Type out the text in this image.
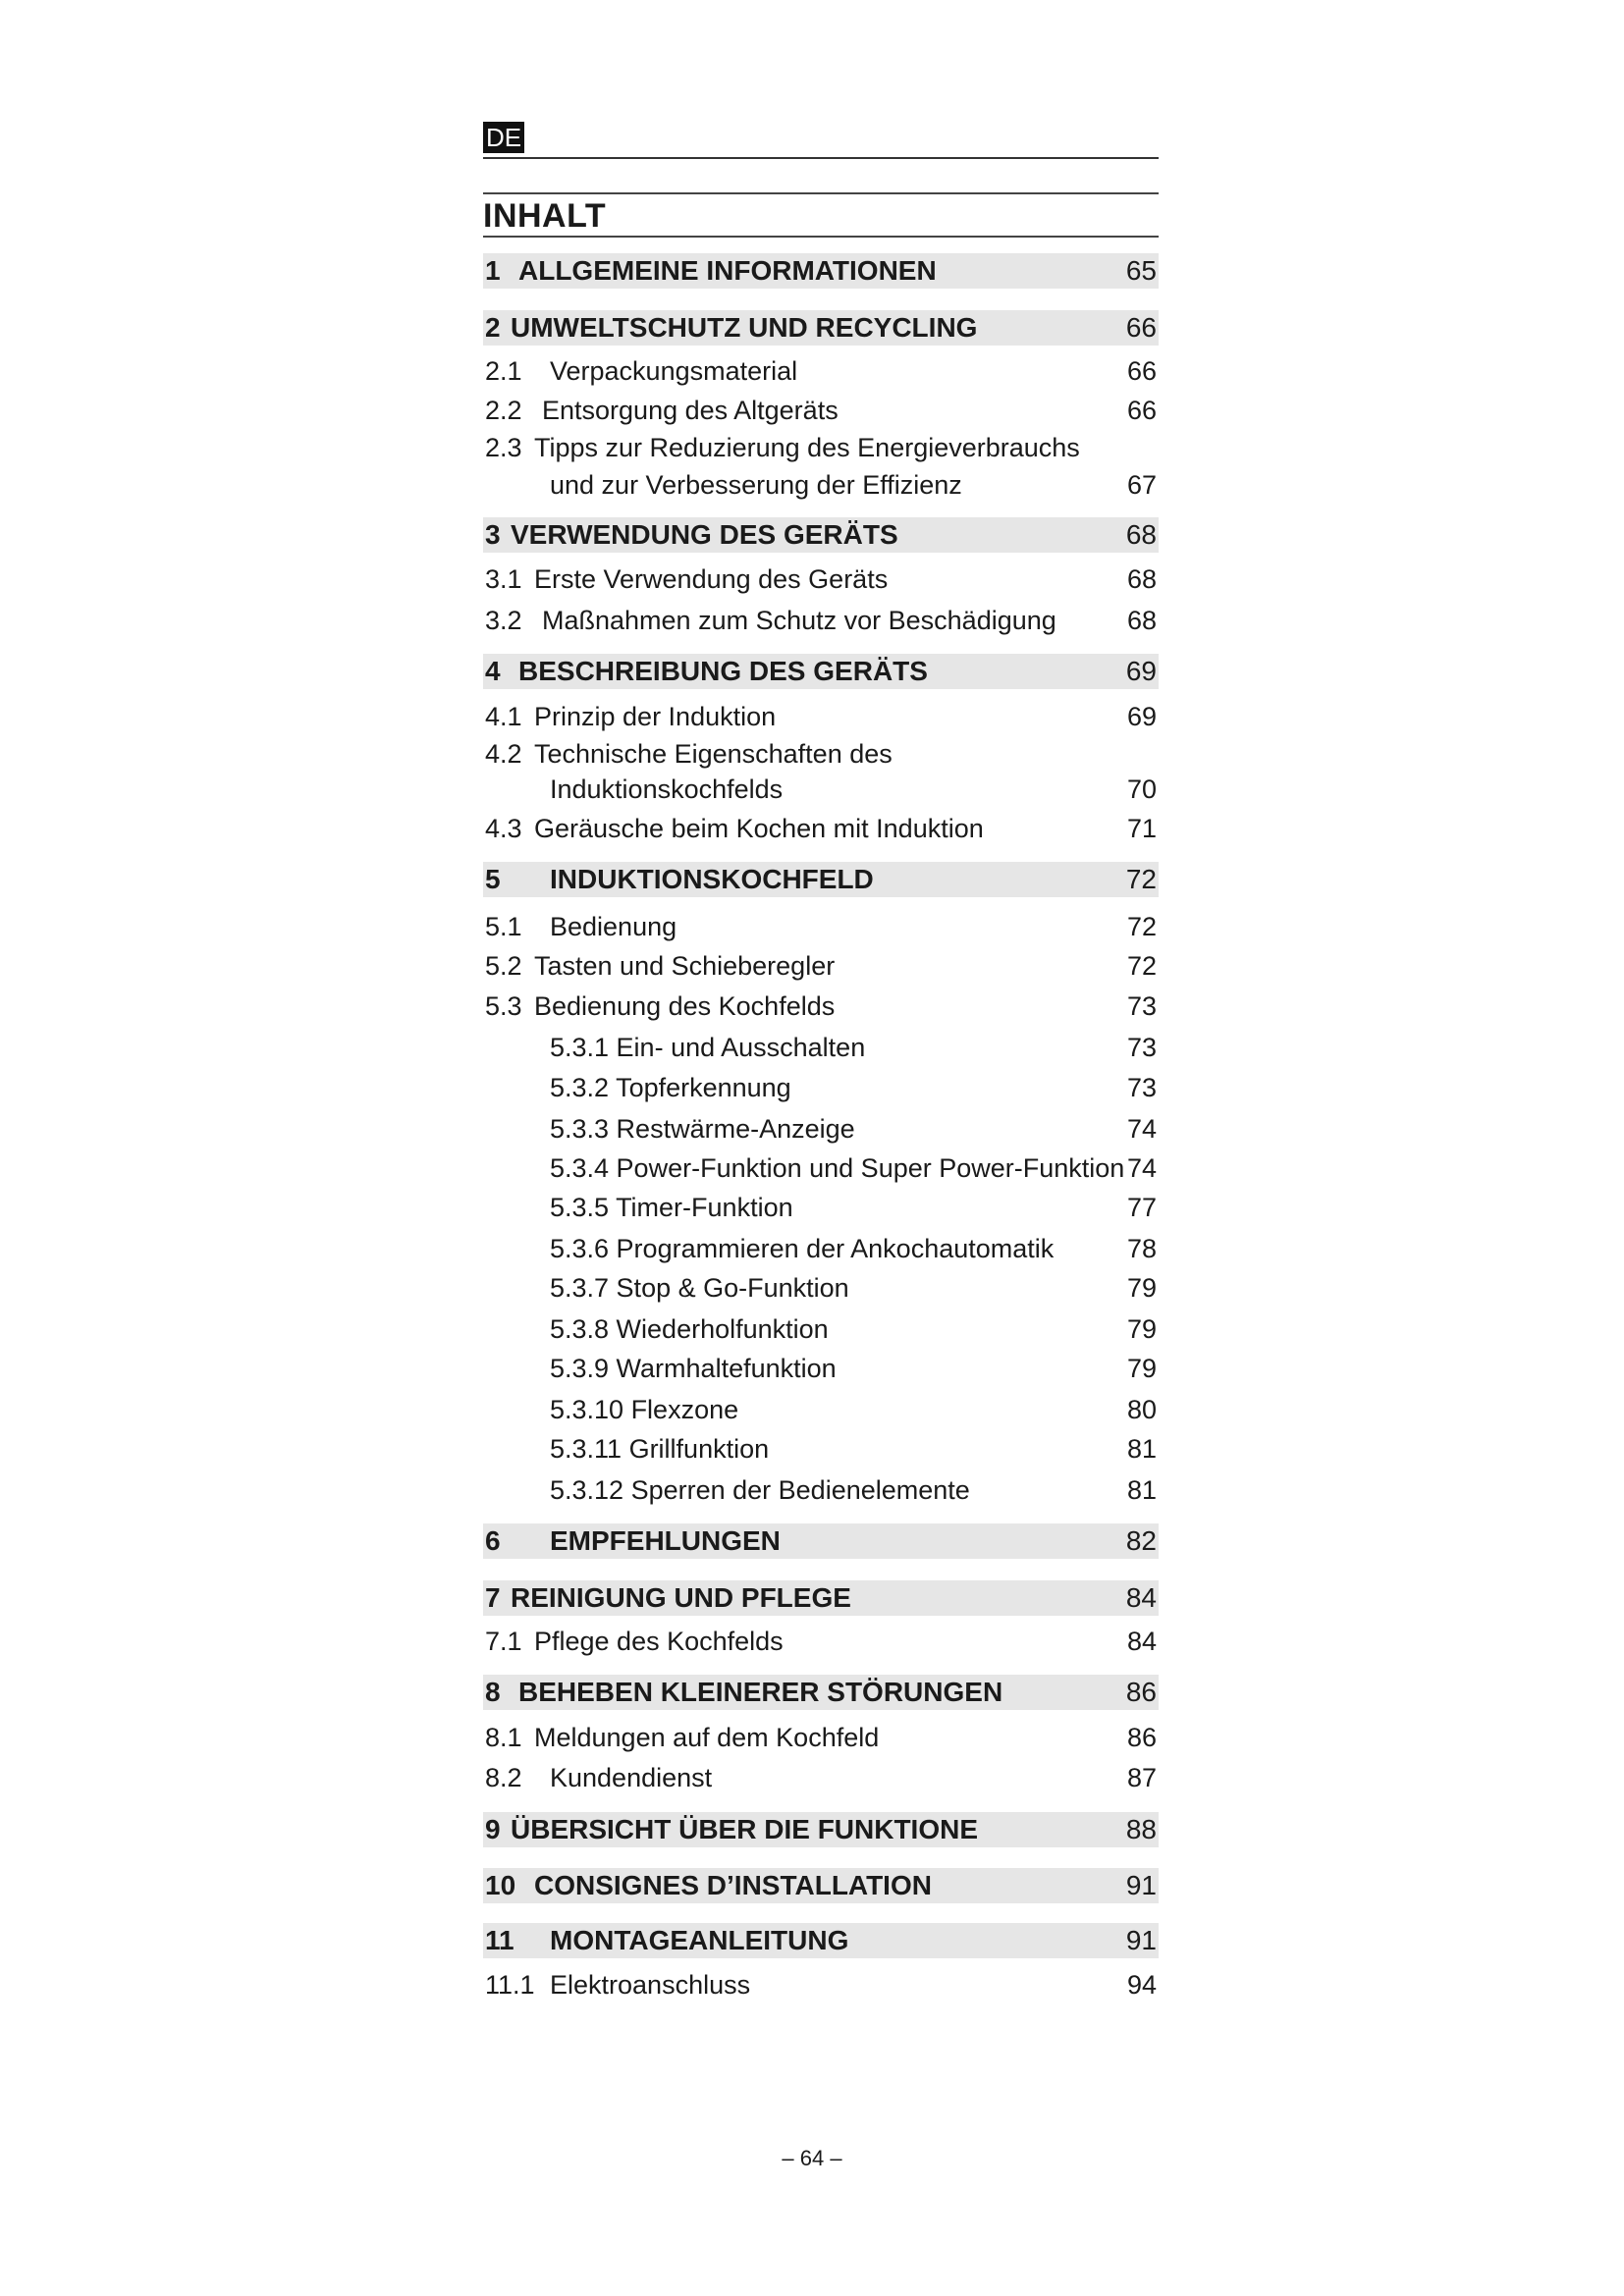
DE
INHALT
1 ALLGEMEINE INFORMATIONEN	65
2 UMWELTSCHUTZ UND RECYCLING	66
2.1 Verpackungsmaterial	66
2.2 Entsorgung des Altgeräts	66
2.3 Tipps zur Reduzierung des Energieverbrauchs
und zur Verbesserung der Effizienz	67
3 VERWENDUNG DES GERÄTS	68
3.1 Erste Verwendung des Geräts	68
3.2 Maßnahmen zum Schutz vor Beschädigung	68
4 BESCHREIBUNG DES GERÄTS	69
4.1 Prinzip der Induktion	69
4.2 Technische Eigenschaften des
Induktionskochfelds	70
4.3 Geräusche beim Kochen mit Induktion	71
5 INDUKTIONSKOCHFELD	72
5.1 Bedienung	72
5.2 Tasten und Schieberegler	72
5.3 Bedienung des Kochfelds	73
5.3.1 Ein- und Ausschalten	73
5.3.2 Topferkennung	73
5.3.3 Restwärme-Anzeige	74
5.3.4 Power-Funktion und Super Power-Funktion 74
5.3.5 Timer-Funktion	77
5.3.6 Programmieren der Ankochautomatik	78
5.3.7 Stop & Go-Funktion	79
5.3.8 Wiederholfunktion	79
5.3.9 Warmhaltefunktion	79
5.3.10 Flexzone	80
5.3.11 Grillfunktion	81
5.3.12 Sperren der Bedienelemente	81
6 EMPFEHLUNGEN	82
7 REINIGUNG UND PFLEGE	84
7.1 Pflege des Kochfelds	84
8 BEHEBEN KLEINERER STÖRUNGEN	86
8.1 Meldungen auf dem Kochfeld	86
8.2 Kundendienst	87
9 ÜBERSICHT ÜBER DIE FUNKTIONE	88
10 CONSIGNES D’INSTALLATION	91
11 MONTAGEANLEITUNG	91
11.1 Elektroanschluss	94
– 64 –
